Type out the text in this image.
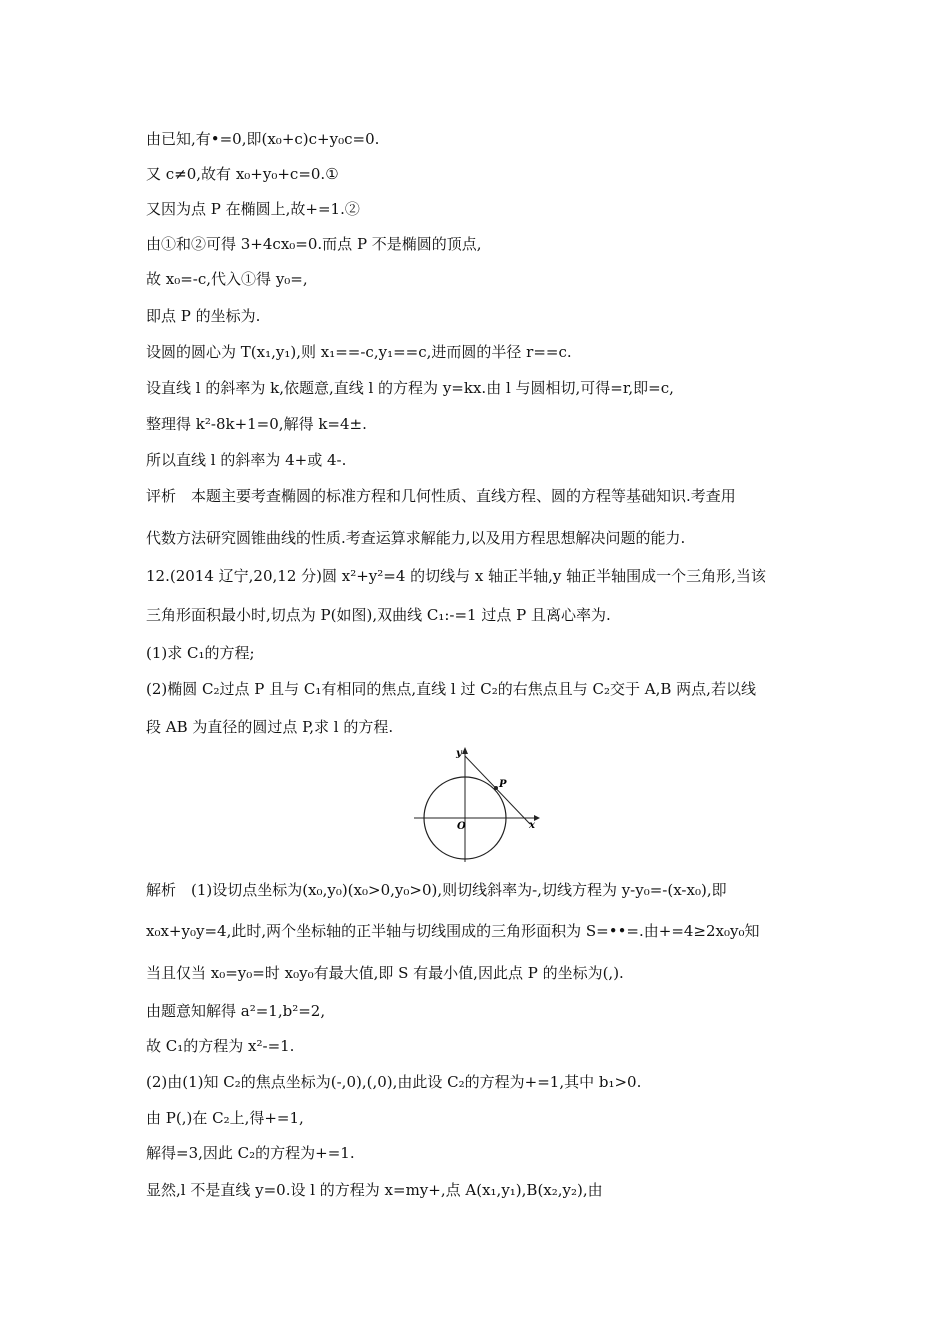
由已知,有•=0,即(x₀+c)c+y₀c=0.
又 c≠0,故有 x₀+y₀+c=0.①
又因为点 P 在椭圆上,故+=1.②
由①和②可得 3+4cx₀=0.而点 P 不是椭圆的顶点,
故 x₀=-c,代入①得 y₀=,
即点 P 的坐标为.
设圆的圆心为 T(x₁,y₁),则 x₁==-c,y₁==c,进而圆的半径 r==c.
设直线 l 的斜率为 k,依题意,直线 l 的方程为 y=kx.由 l 与圆相切,可得=r,即=c,
整理得 k²-8k+1=0,解得 k=4±.
所以直线 l 的斜率为 4+或 4-.
评析　本题主要考查椭圆的标准方程和几何性质、直线方程、圆的方程等基础知识.考查用
代数方法研究圆锥曲线的性质.考查运算求解能力,以及用方程思想解决问题的能力.
12.(2014 辽宁,20,12 分)圆 x²+y²=4 的切线与 x 轴正半轴,y 轴正半轴围成一个三角形,当该
三角形面积最小时,切点为 P(如图),双曲线 C₁:-=1 过点 P 且离心率为.
(1)求 C₁的方程;
(2)椭圆 C₂过点 P 且与 C₁有相同的焦点,直线 l 过 C₂的右焦点且与 C₂交于 A,B 两点,若以线
段 AB 为直径的圆过点 P,求 l 的方程.
y
x
O
P
解析　(1)设切点坐标为(x₀,y₀)(x₀>0,y₀>0),则切线斜率为-,切线方程为 y-y₀=-(x-x₀),即
x₀x+y₀y=4,此时,两个坐标轴的正半轴与切线围成的三角形面积为 S=••=.由+=4≥2x₀y₀知
当且仅当 x₀=y₀=时 x₀y₀有最大值,即 S 有最小值,因此点 P 的坐标为(,).
由题意知解得 a²=1,b²=2,
故 C₁的方程为 x²-=1.
(2)由(1)知 C₂的焦点坐标为(-,0),(,0),由此设 C₂的方程为+=1,其中 b₁>0.
由 P(,)在 C₂上,得+=1,
解得=3,因此 C₂的方程为+=1.
显然,l 不是直线 y=0.设 l 的方程为 x=my+,点 A(x₁,y₁),B(x₂,y₂),由
